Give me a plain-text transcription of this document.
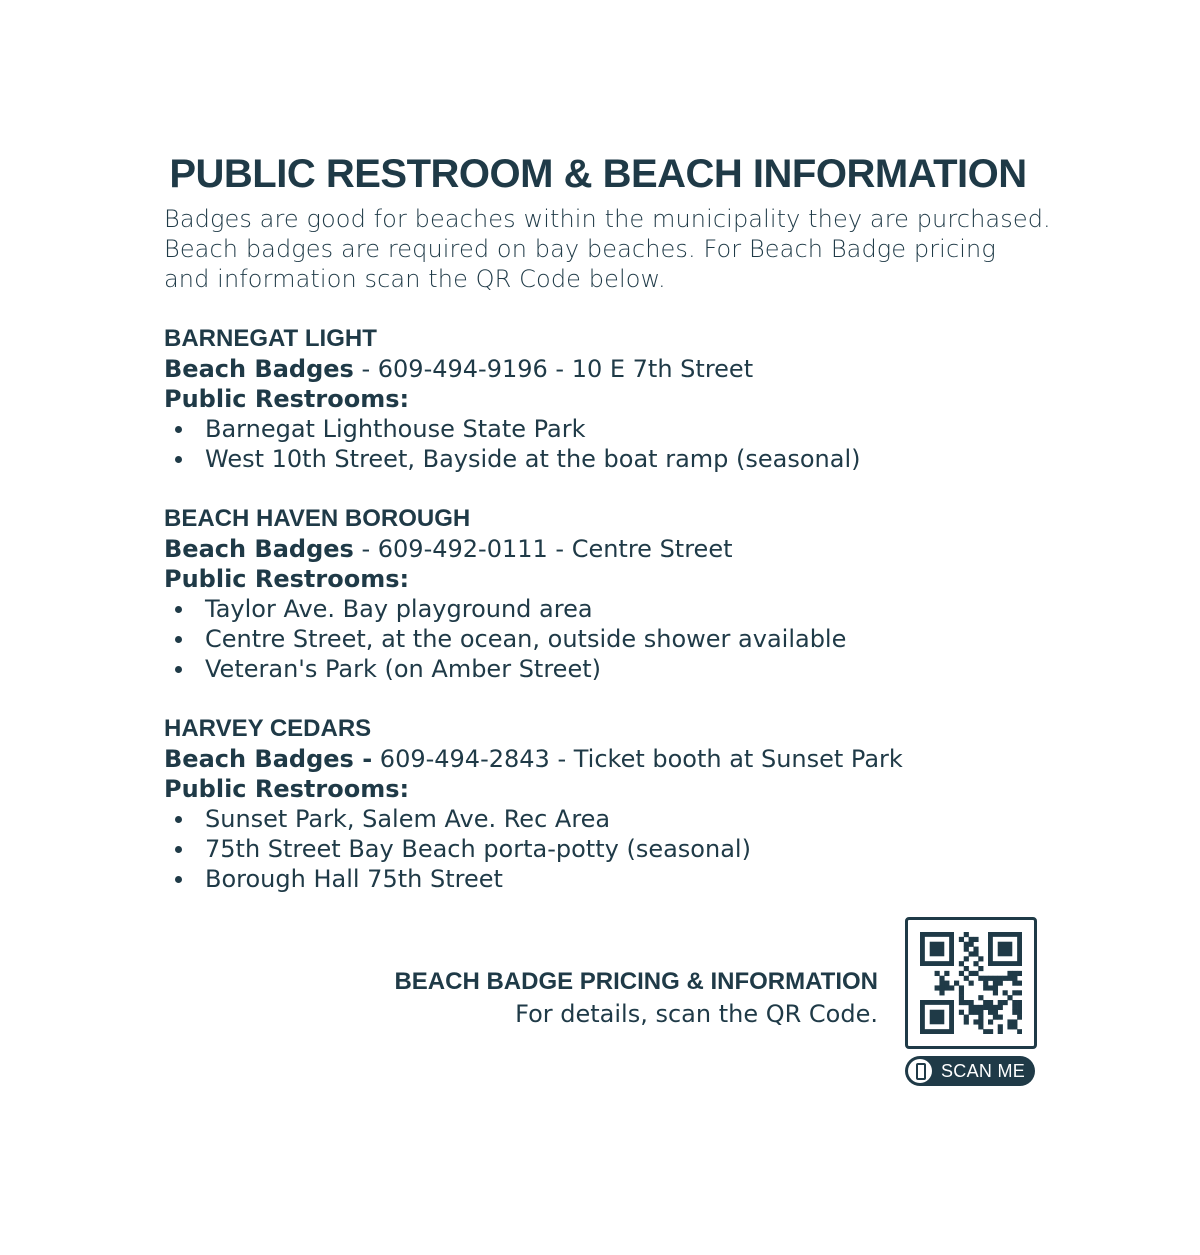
PUBLIC RESTROOM & BEACH INFORMATION
Badges are good for beaches within the municipality they are purchased.
Beach badges are required on bay beaches. For Beach Badge pricing
and information scan the QR Code below.

BARNEGAT LIGHT

Beach Badges - 609-494-9196 - 10 E 7th Street

Public Restrooms:

Barnegat Lighthouse State Park
West 10th Street, Bayside at the boat ramp (seasonal)

BEACH HAVEN BOROUGH

Beach Badges - 609-492-0111 - Centre Street

Public Restrooms:

Taylor Ave. Bay playground area
Centre Street, at the ocean, outside shower available
Veteran's Park (on Amber Street)

HARVEY CEDARS

Beach Badges - 609-494-2843 - Ticket booth at Sunset Park

Public Restrooms:

Sunset Park, Salem Ave. Rec Area
75th Street Bay Beach porta-potty (seasonal)
Borough Hall 75th Street

BEACH BADGE PRICING & INFORMATION

For details, scan the QR Code.

SCAN ME
